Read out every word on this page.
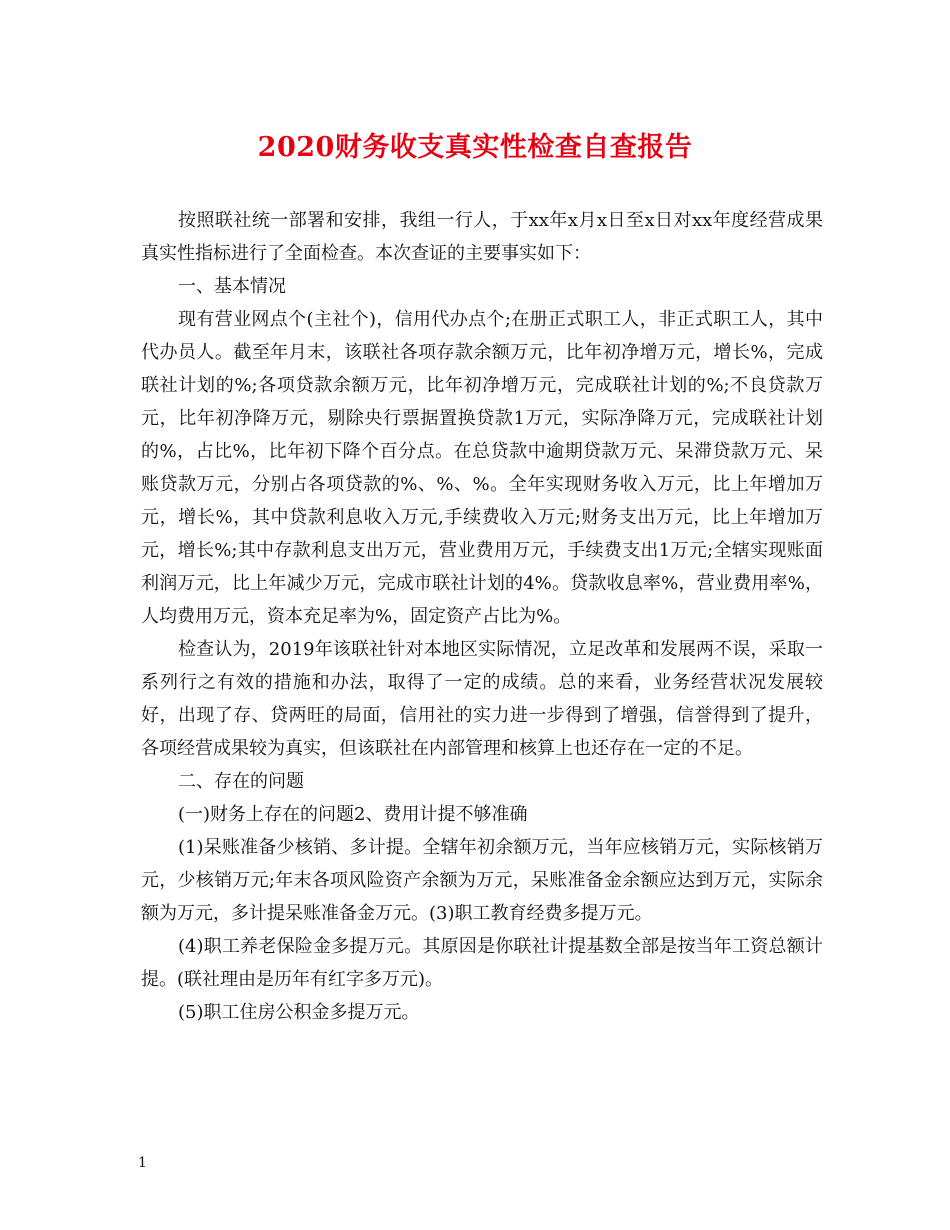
2020财务收支真实性检查自查报告

按照联社统一部署和安排，我组一行人，于xx年x月x日至x日对xx年度经营成果真实性指标进行了全面检查。本次查证的主要事实如下：

一、基本情况

现有营业网点个(主社个)，信用代办点个;在册正式职工人，非正式职工人，其中代办员人。截至年月末，该联社各项存款余额万元，比年初净增万元，增长%，完成联社计划的%;各项贷款余额万元，比年初净增万元，完成联社计划的%;不良贷款万元，比年初净降万元，剔除央行票据置换贷款1万元，实际净降万元，完成联社计划的%，占比%，比年初下降个百分点。在总贷款中逾期贷款万元、呆滞贷款万元、呆账贷款万元，分别占各项贷款的%、%、%。全年实现财务收入万元，比上年增加万元，增长%，其中贷款利息收入万元,手续费收入万元;财务支出万元，比上年增加万元，增长%;其中存款利息支出万元，营业费用万元，手续费支出1万元;全辖实现账面利润万元，比上年减少万元，完成市联社计划的4%。贷款收息率%，营业费用率%，人均费用万元，资本充足率为%，固定资产占比为%。

检查认为，2019年该联社针对本地区实际情况，立足改革和发展两不误，采取一系列行之有效的措施和办法，取得了一定的成绩。总的来看，业务经营状况发展较好，出现了存、贷两旺的局面，信用社的实力进一步得到了增强，信誉得到了提升，各项经营成果较为真实，但该联社在内部管理和核算上也还存在一定的不足。

二、存在的问题

(一)财务上存在的问题2、费用计提不够准确

(1)呆账准备少核销、多计提。全辖年初余额万元，当年应核销万元，实际核销万元，少核销万元;年末各项风险资产余额为万元，呆账准备金余额应达到万元，实际余额为万元，多计提呆账准备金万元。(3)职工教育经费多提万元。

(4)职工养老保险金多提万元。其原因是你联社计提基数全部是按当年工资总额计提。(联社理由是历年有红字多万元)。

(5)职工住房公积金多提万元。

1
